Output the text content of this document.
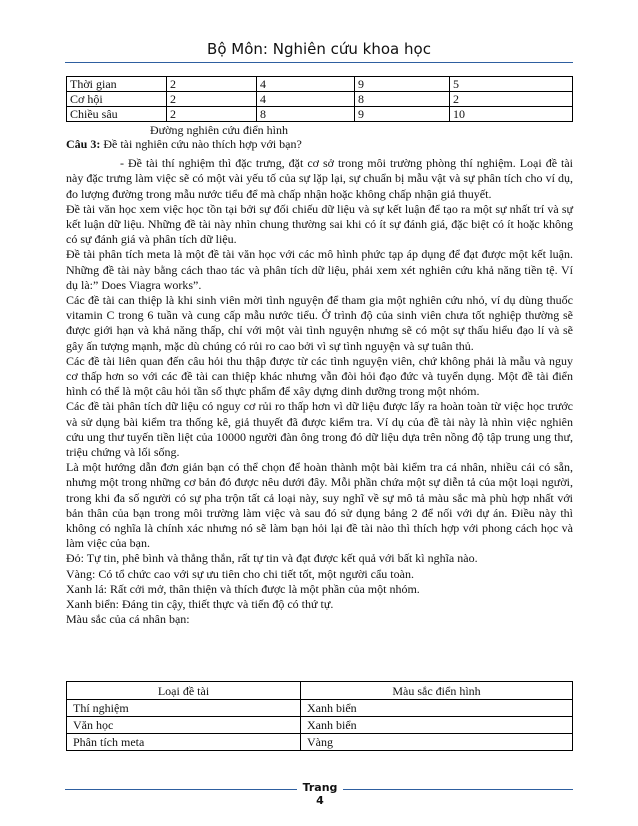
Bộ Môn: Nghiên cứu khoa học
Thời gian	2	4	9	5
Cơ hội	2	4	8	2
Chiều sâu	2	8	9	10
Đường nghiên cứu điển hình

Câu 3: Đề tài nghiên cứu nào thích hợp với bạn?

- Đề tài thí nghiệm thì đặc trưng, đặt cơ sở trong môi trường phòng thí nghiệm. Loại đề tài này đặc trưng làm việc sẽ có một vài yếu tố của sự lặp lại, sự chuẩn bị mẫu vật và sự phân tích cho ví dụ, đo lượng đường trong mẫu nước tiểu để mà chấp nhận hoặc không chấp nhận giả thuyết.

Đề tài văn học xem việc học tồn tại bởi sự đối chiếu dữ liệu và sự kết luận để tạo ra một sự nhất trí và sự kết luận dữ liệu. Những đề tài này nhìn chung thường sai khi có ít sự đánh giá, đặc biệt có ít hoặc không có sự đánh giá và phân tích dữ liệu.

Đề tài phân tích meta là một đề tài văn học với các mô hình phức tạp áp dụng để đạt được một kết luận. Những đề tài này bằng cách thao tác và phân tích dữ liệu, phải xem xét nghiên cứu khả năng tiền tệ. Ví dụ là:” Does Viagra works”.

Các đề tài can thiệp là khi sinh viên mời tình nguyện để tham gia một nghiên cứu nhỏ, ví dụ dùng thuốc vitamin C trong 6 tuần và cung cấp mẫu nước tiểu. Ở trình độ của sinh viên chưa tốt nghiệp thường sẽ được giới hạn và khả năng thấp, chỉ với một vài tình nguyện nhưng sẽ có một sự thấu hiểu đạo lí và sẽ gây ấn tượng mạnh, mặc dù chúng có rủi ro cao bởi vì sự tình nguyện và sự tuân thủ.

Các đề tài liên quan đến câu hỏi thu thập được từ các tình nguyện viên, chứ không phải là mẫu và nguy cơ thấp hơn so với các đề tài can thiệp khác nhưng vẫn đòi hỏi đạo đức và tuyển dụng. Một đề tài điển hình có thể là một câu hỏi tần số thực phẩm để xây dựng dinh dưỡng trong một nhóm.

Các đề tài phân tích dữ liệu có nguy cơ rủi ro thấp hơn vì dữ liệu được lấy ra hoàn toàn từ việc học trước và sử dụng bài kiểm tra thống kê, giả thuyết đã được kiểm tra. Ví dụ của đề tài này là nhìn việc nghiên cứu ung thư tuyến tiền liệt của 10000 người đàn ông trong đó dữ liệu dựa trên nồng độ tập trung ung thư, triệu chứng và lối sống.

Là một hướng dẫn đơn giản bạn có thể chọn để hoàn thành một bài kiểm tra cá nhân, nhiều cái có sẵn, nhưng một trong những cơ bản đó được nêu dưới đây. Mỗi phần chứa một sự diễn tả của một loại người, trong khi đa số người có sự pha trộn tất cả loại này, suy nghĩ về sự mô tả màu sắc mà phù hợp nhất với bản thân của bạn trong môi trường làm việc và sau đó sử dụng bảng 2 để nối với dự án. Điều này thì không có nghĩa là chính xác nhưng nó sẽ làm bạn hỏi lại đề tài nào thì thích hợp với phong cách học và làm việc của bạn.

Đỏ: Tự tin, phê bình và thẳng thắn, rất tự tin và đạt được kết quả với bất kì nghĩa nào.

Vàng: Có tổ chức cao với sự ưu tiên cho chi tiết tốt, một người cẩu toàn.

Xanh lá: Rất cởi mở, thân thiện và thích được là một phần của một nhóm.

Xanh biển: Đáng tin cậy, thiết thực và tiến độ có thứ tự.

Màu sắc của cá nhân bạn:

Loại đề tài	Màu sắc điển hình
Thí nghiệm	Xanh biển
Văn học	Xanh biển
Phân tích meta	Vàng
Trang 4
